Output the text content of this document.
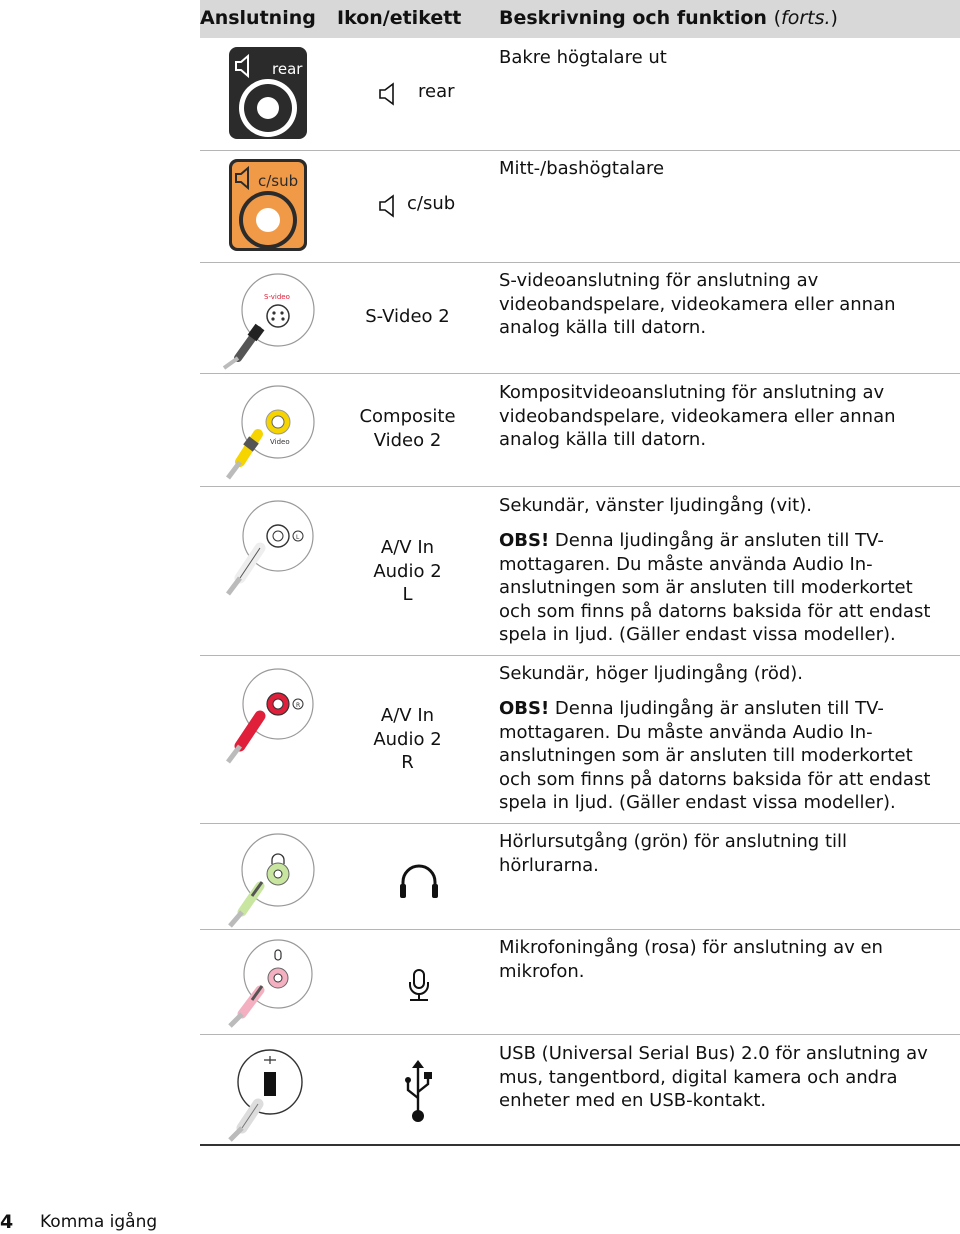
Anslutning Ikon/etikett Beskrivning och funktion (forts.)
rear
rear
Bakre högtalare ut
c/sub
c/sub
Mitt-/bashögtalare
S-video
S-Video 2
S-videoanslutning för anslutning av videobandspelare, videokamera eller annan analog källa till datorn.
Video
Composite
Video 2
Kompositvideoanslutning för anslutning av videobandspelare, videokamera eller annan analog källa till datorn.
L	A/V In
Audio 2
L
Sekundär, vänster ljudingång (vit).
OBS! Denna ljudingång är ansluten till TV-mottagaren. Du måste använda Audio In-anslutningen som är ansluten till moderkortet och som finns på datorns baksida för att endast spela in ljud. (Gäller endast vissa modeller).
R	A/V In
Audio 2
R
Sekundär, höger ljudingång (röd).
OBS! Denna ljudingång är ansluten till TV-mottagaren. Du måste använda Audio In-anslutningen som är ansluten till moderkortet och som finns på datorns baksida för att endast spela in ljud. (Gäller endast vissa modeller).
Hörlursutgång (grön) för anslutning till hörlurarna.
Mikrofoningång (rosa) för anslutning av en mikrofon.
USB (Universal Serial Bus) 2.0 för anslutning av mus, tangentbord, digital kamera och andra enheter med en USB-kontakt.
4 Komma igång
